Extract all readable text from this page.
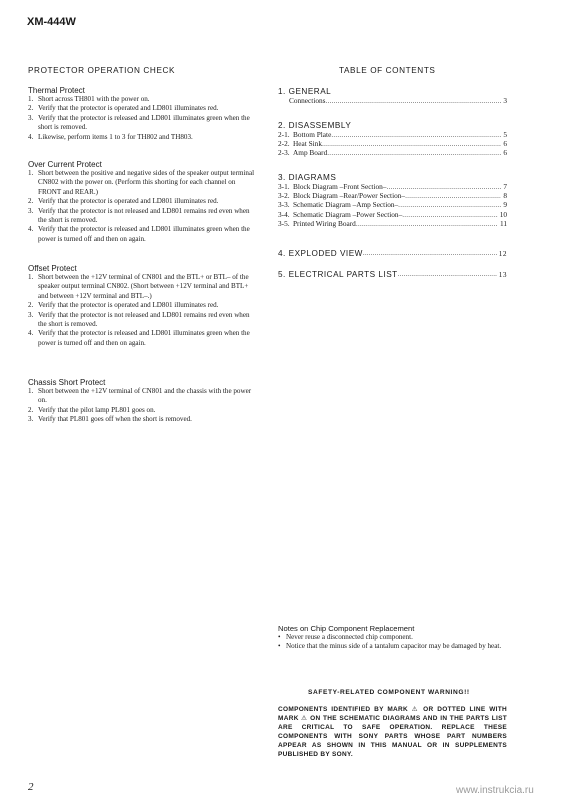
XM-444W
PROTECTOR OPERATION CHECK
Thermal Protect
1. Short across TH801 with the power on.
2. Verify that the protector is operated and LD801 illuminates red.
3. Verify that the protector is released and LD801 illuminates green when the short is removed.
4. Likewise, perform items 1 to 3 for TH802 and TH803.
Over Current Protect
1. Short between the positive and negative sides of the speaker output terminal CN802 with the power on. (Perform this shorting for each channel on FRONT and REAR.)
2. Verify that the protector is operated and LD801 illuminates red.
3. Verify that the protector is not released and LD801 remains red even when the short is removed.
4. Verify that the protector is released and LD801 illuminates green when the power is turned off and then on again.
Offset Protect
1. Short between the +12V terminal of CN801 and the BTL+ or BTL– of the speaker output terminal CN802. (Short between +12V terminal and BTL+ and between +12V terminal and BTL–.)
2. Verify that the protector is operated and LD801 illuminates red.
3. Verify that the protector is not released and LD801 remains red even when the short is removed.
4. Verify that the protector is released and LD801 illuminates green when the power is turned off and then on again.
Chassis Short Protect
1. Short between the +12V terminal of CN801 and the chassis with the power on.
2. Verify that the pilot lamp PL801 goes on.
3. Verify that PL801 goes off when the short is removed.
TABLE OF CONTENTS
1. GENERAL
Connections .....	3
2. DISASSEMBLY
2-1. Bottom Plate .....	5
2-2. Heat Sink .....	6
2-3. Amp Board .....	6
3. DIAGRAMS
3-1. Block Diagram –Front Section– .....	7
3-2. Block Diagram –Rear/Power Section– .....	8
3-3. Schematic Diagram –Amp Section– .....	9
3-4. Schematic Diagram –Power Section– .....	10
3-5. Printed Wiring Board .....	11
4. EXPLODED VIEW .....	12
5. ELECTRICAL PARTS LIST .....	13
Notes on Chip Component Replacement
• Never reuse a disconnected chip component.
• Notice that the minus side of a tantalum capacitor may be damaged by heat.
SAFETY-RELATED COMPONENT WARNING!!
COMPONENTS IDENTIFIED BY MARK ⚠ OR DOTTED LINE WITH MARK ⚠ ON THE SCHEMATIC DIAGRAMS AND IN THE PARTS LIST ARE CRITICAL TO SAFE OPERATION. REPLACE THESE COMPONENTS WITH SONY PARTS WHOSE PART NUMBERS APPEAR AS SHOWN IN THIS MANUAL OR IN SUPPLEMENTS PUBLISHED BY SONY.
2	www.instrukcia.ru
